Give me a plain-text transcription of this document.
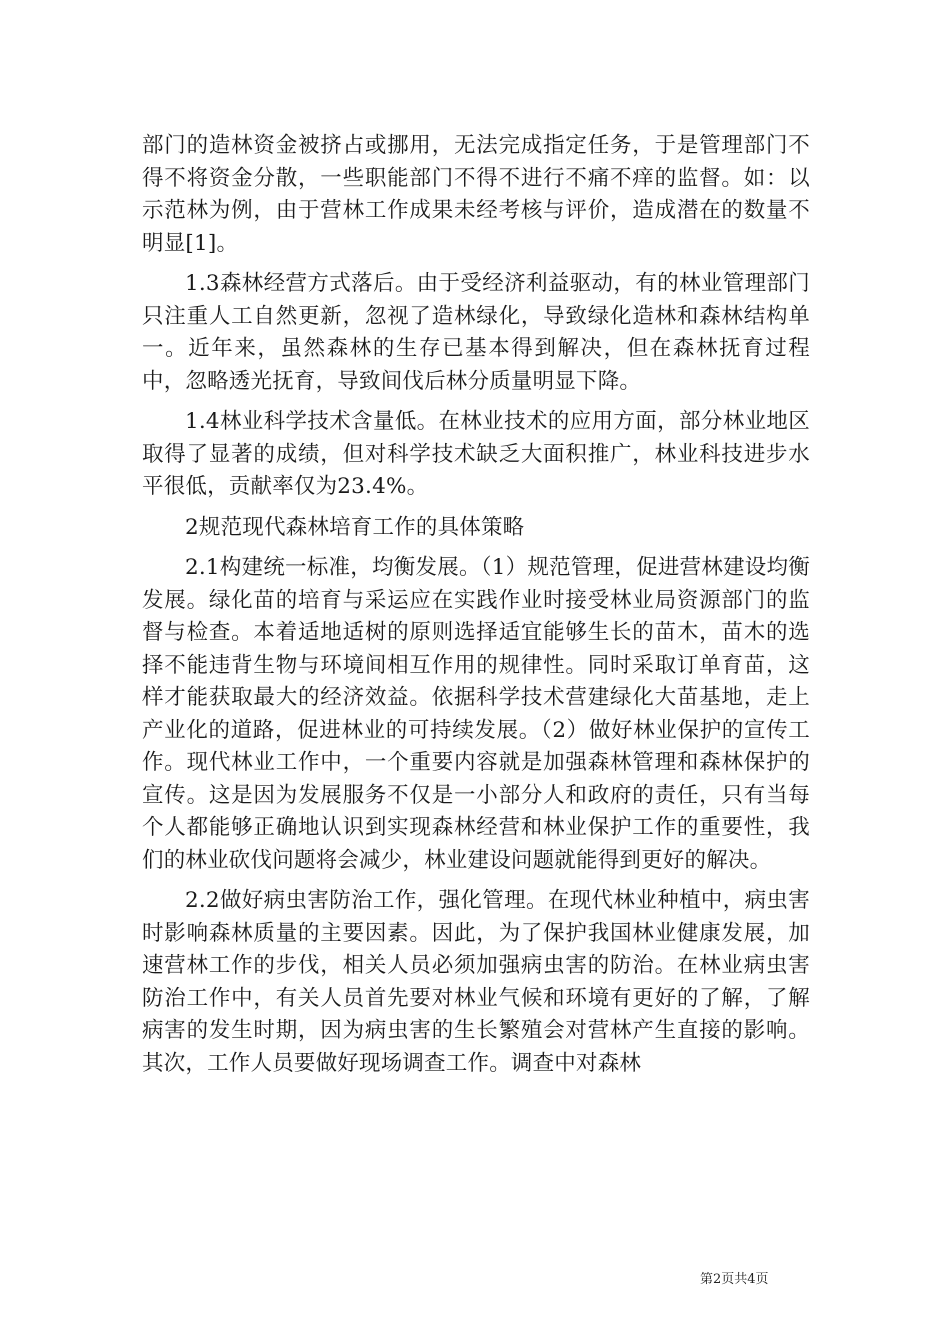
部门的造林资金被挤占或挪用，无法完成指定任务，于是管理部门不得不将资金分散，一些职能部门不得不进行不痛不痒的监督。如：以示范林为例，由于营林工作成果未经考核与评价，造成潜在的数量不明显[1]。

1.3森林经营方式落后。由于受经济利益驱动，有的林业管理部门只注重人工自然更新，忽视了造林绿化，导致绿化造林和森林结构单一。近年来，虽然森林的生存已基本得到解决，但在森林抚育过程中，忽略透光抚育，导致间伐后林分质量明显下降。

1.4林业科学技术含量低。在林业技术的应用方面，部分林业地区取得了显著的成绩，但对科学技术缺乏大面积推广，林业科技进步水平很低，贡献率仅为23.4%。

2规范现代森林培育工作的具体策略

2.1构建统一标准，均衡发展。（1）规范管理，促进营林建设均衡发展。绿化苗的培育与采运应在实践作业时接受林业局资源部门的监督与检查。本着适地适树的原则选择适宜能够生长的苗木，苗木的选择不能违背生物与环境间相互作用的规律性。同时采取订单育苗，这样才能获取最大的经济效益。依据科学技术营建绿化大苗基地，走上产业化的道路，促进林业的可持续发展。（2）做好林业保护的宣传工作。现代林业工作中，一个重要内容就是加强森林管理和森林保护的宣传。这是因为发展服务不仅是一小部分人和政府的责任，只有当每个人都能够正确地认识到实现森林经营和林业保护工作的重要性，我们的林业砍伐问题将会减少，林业建设问题就能得到更好的解决。

2.2做好病虫害防治工作，强化管理。在现代林业种植中，病虫害时影响森林质量的主要因素。因此，为了保护我国林业健康发展，加速营林工作的步伐，相关人员必须加强病虫害的防治。在林业病虫害防治工作中，有关人员首先要对林业气候和环境有更好的了解，了解病害的发生时期，因为病虫害的生长繁殖会对营林产生直接的影响。其次，工作人员要做好现场调查工作。调查中对森林

第2页共4页
